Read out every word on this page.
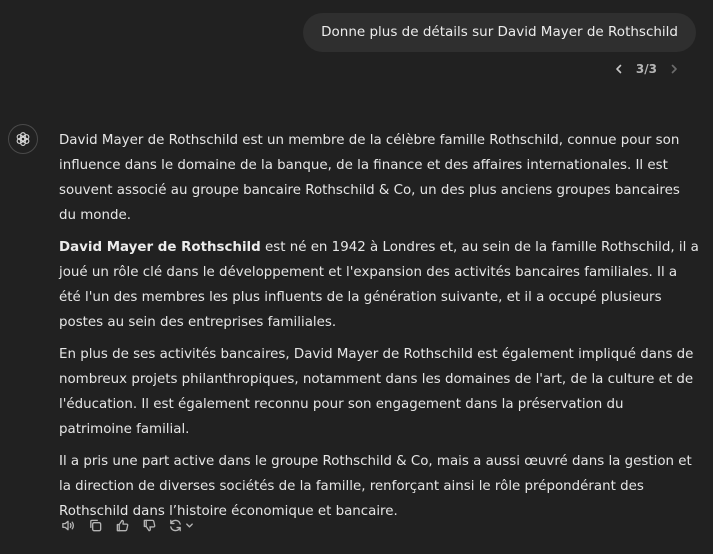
Donne plus de détails sur David Mayer de Rothschild
3/3

David Mayer de Rothschild est un membre de la célèbre famille Rothschild, connue pour son influence dans le domaine de la banque, de la finance et des affaires internationales. Il est souvent associé au groupe bancaire Rothschild & Co, un des plus anciens groupes bancaires du monde.

David Mayer de Rothschild est né en 1942 à Londres et, au sein de la famille Rothschild, il a joué un rôle clé dans le développement et l'expansion des activités bancaires familiales. Il a été l'un des membres les plus influents de la génération suivante, et il a occupé plusieurs postes au sein des entreprises familiales.

En plus de ses activités bancaires, David Mayer de Rothschild est également impliqué dans de nombreux projets philanthropiques, notamment dans les domaines de l'art, de la culture et de l'éducation. Il est également reconnu pour son engagement dans la préservation du patrimoine familial.

Il a pris une part active dans le groupe Rothschild & Co, mais a aussi œuvré dans la gestion et la direction de diverses sociétés de la famille, renforçant ainsi le rôle prépondérant des Rothschild dans l’histoire économique et bancaire.
